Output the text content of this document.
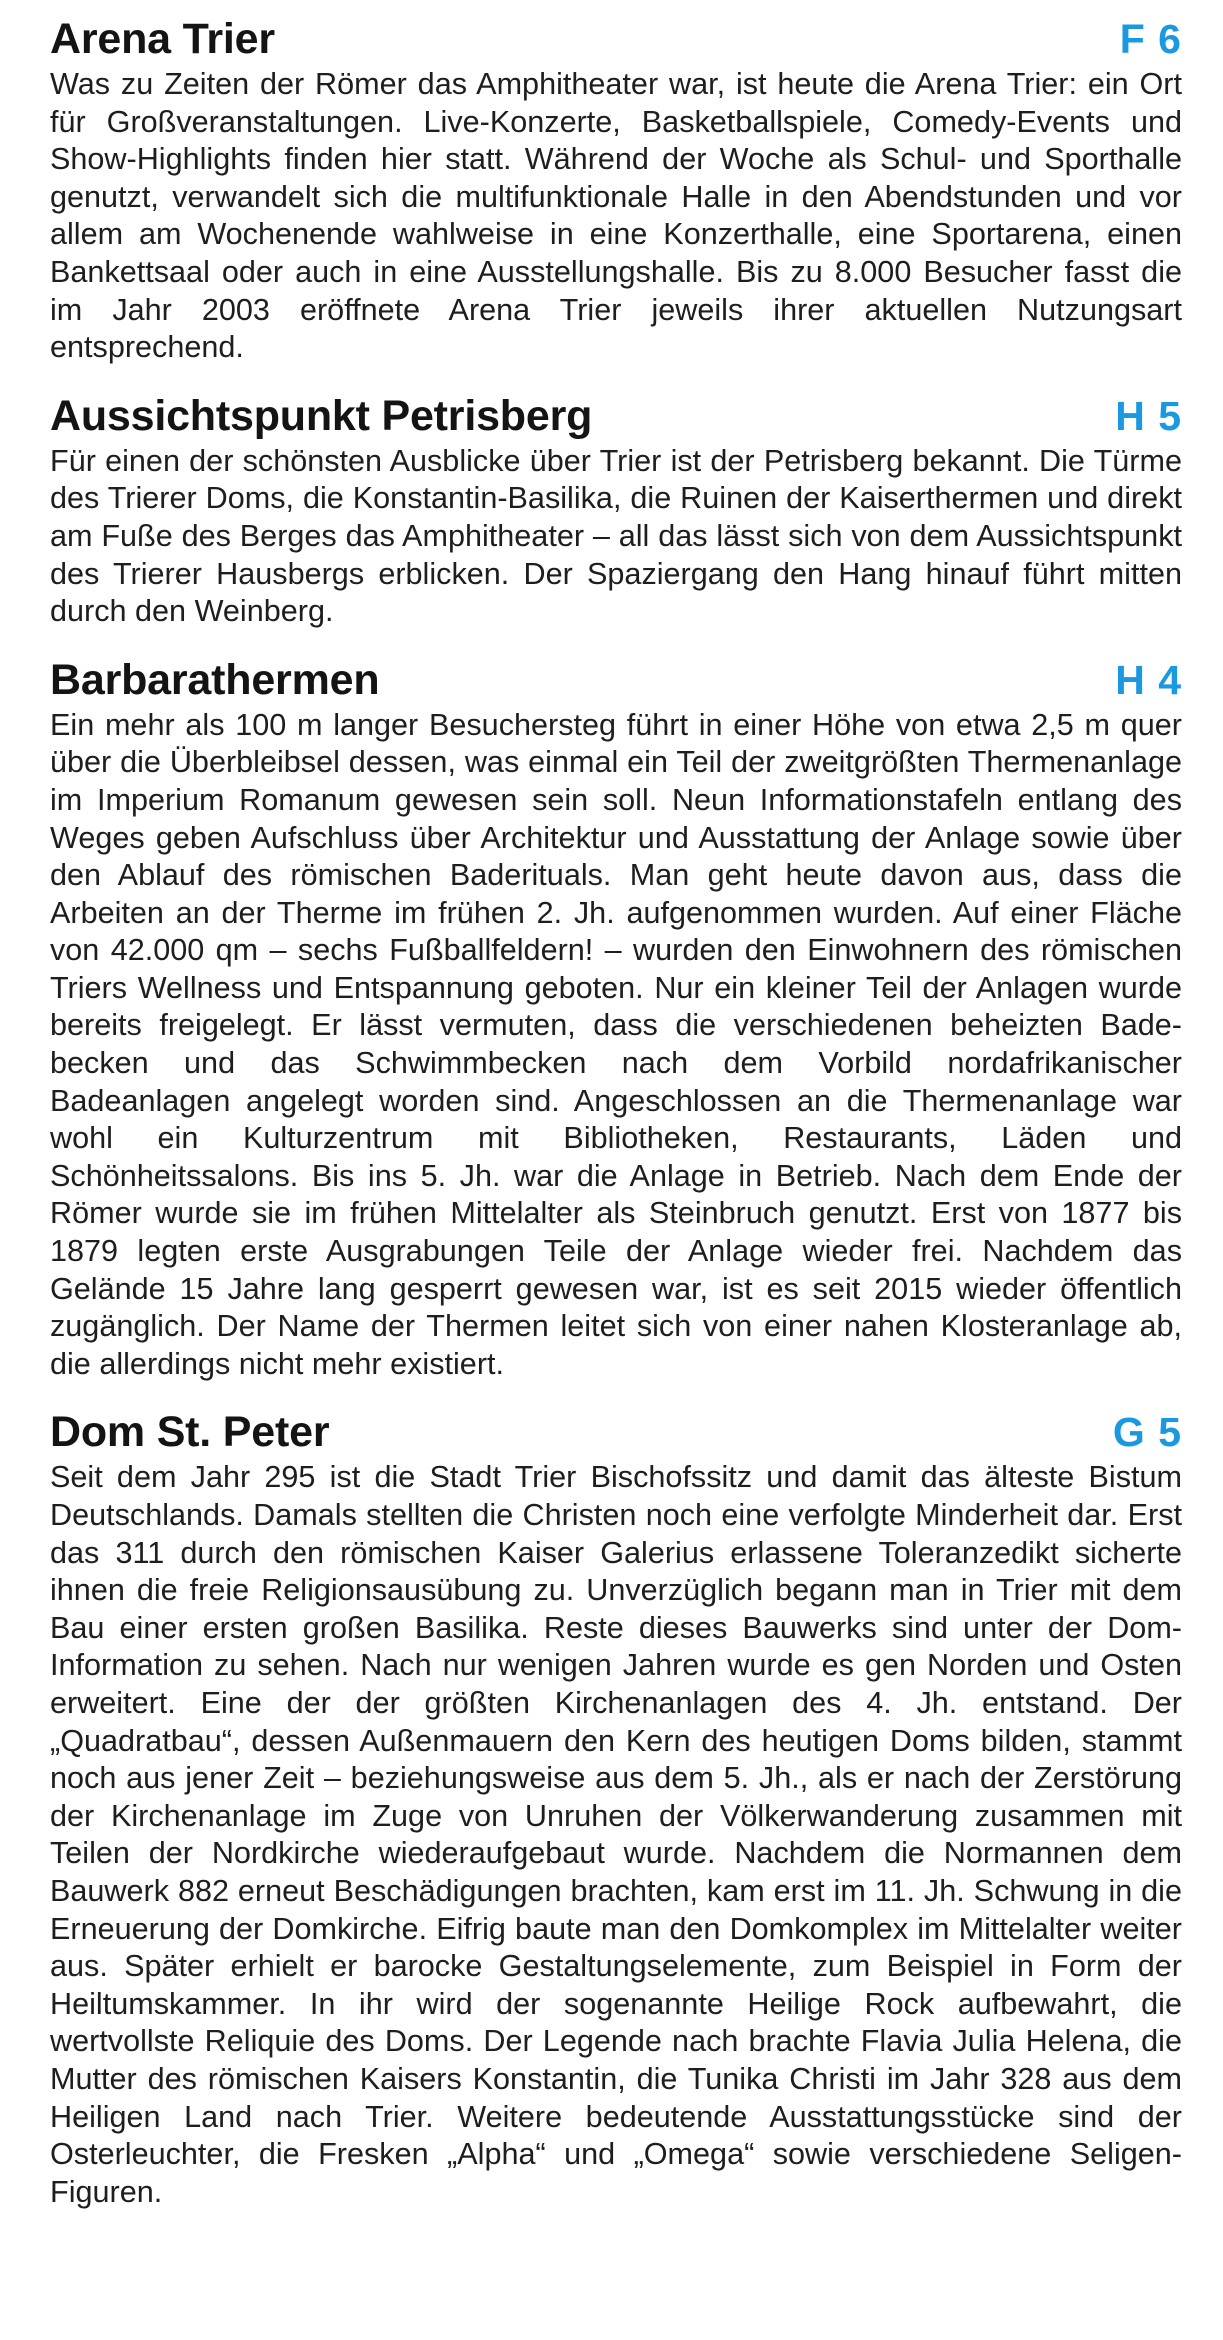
Arena Trier	F 6

Was zu Zeiten der Römer das Amphitheater war, ist heute die Arena Trier: ein Ort für Großveranstaltungen. Live-Konzerte, Basketballspiele, Comedy-Events und Show-Highlights finden hier statt. Während der Woche als Schul- und Sporthalle genutzt, verwandelt sich die multifunktionale Halle in den Abendstunden und vor allem am Wochenende wahlweise in eine Konzerthalle, eine Sportarena, einen Bankettsaal oder auch in eine Ausstellungshalle. Bis zu 8.000 Besucher fasst die im Jahr 2003 eröffnete Arena Trier jeweils ihrer aktuellen Nutzungsart entsprechend.

Aussichtspunkt Petrisberg	H 5

Für einen der schönsten Ausblicke über Trier ist der Petrisberg bekannt. Die Türme des Trierer Doms, die Konstantin-Basilika, die Ruinen der Kaiserthermen und direkt am Fuße des Berges das Amphitheater – all das lässt sich von dem Aussichtspunkt des Trierer Hausbergs erblicken. Der Spaziergang den Hang hinauf führt mitten durch den Weinberg.

Barbarathermen	H 4

Ein mehr als 100 m langer Besuchersteg führt in einer Höhe von etwa 2,5 m quer über die Überbleibsel dessen, was einmal ein Teil der zweitgrößten Thermenanlage im Imperium Romanum gewesen sein soll. Neun Informationstafeln entlang des Weges geben Aufschluss über Architektur und Ausstattung der Anlage sowie über den Ablauf des römischen Baderituals. Man geht heute davon aus, dass die Arbeiten an der Therme im frühen 2. Jh. aufgenommen wurden. Auf einer Fläche von 42.000 qm – sechs Fußballfeldern! – wurden den Einwohnern des römischen Triers Wellness und Entspannung geboten. Nur ein kleiner Teil der Anlagen wurde bereits freigelegt. Er lässt vermuten, dass die verschiedenen beheizten Badebecken und das Schwimmbecken nach dem Vorbild nordafrikanischer Badeanlagen angelegt worden sind. Angeschlossen an die Thermenanlage war wohl ein Kulturzentrum mit Bibliotheken, Restaurants, Läden und Schönheitssalons. Bis ins 5. Jh. war die Anlage in Betrieb. Nach dem Ende der Römer wurde sie im frühen Mittelalter als Steinbruch genutzt. Erst von 1877 bis 1879 legten erste Ausgrabungen Teile der Anlage wieder frei. Nachdem das Gelände 15 Jahre lang gesperrt gewesen war, ist es seit 2015 wieder öffentlich zugänglich. Der Name der Thermen leitet sich von einer nahen Klosteranlage ab, die allerdings nicht mehr existiert.

Dom St. Peter	G 5

Seit dem Jahr 295 ist die Stadt Trier Bischofssitz und damit das älteste Bistum Deutschlands. Damals stellten die Christen noch eine verfolgte Minderheit dar. Erst das 311 durch den römischen Kaiser Galerius erlassene Toleranzedikt sicherte ihnen die freie Religionsausübung zu. Unverzüglich begann man in Trier mit dem Bau einer ersten großen Basilika. Reste dieses Bauwerks sind unter der Dom-Information zu sehen. Nach nur wenigen Jahren wurde es gen Norden und Osten erweitert. Eine der der größten Kirchenanlagen des 4. Jh. entstand. Der „Quadratbau“, dessen Außenmauern den Kern des heutigen Doms bilden, stammt noch aus jener Zeit – beziehungsweise aus dem 5. Jh., als er nach der Zerstörung der Kirchenanlage im Zuge von Unruhen der Völkerwanderung zusammen mit Teilen der Nordkirche wiederaufgebaut wurde. Nachdem die Normannen dem Bauwerk 882 erneut Beschädigungen brachten, kam erst im 11. Jh. Schwung in die Erneuerung der Domkirche. Eifrig baute man den Domkomplex im Mittelalter weiter aus. Später erhielt er barocke Gestaltungselemente, zum Beispiel in Form der Heiltumskammer. In ihr wird der sogenannte Heilige Rock aufbewahrt, die wertvollste Reliquie des Doms. Der Legende nach brachte Flavia Julia Helena, die Mutter des römischen Kaisers Konstantin, die Tunika Christi im Jahr 328 aus dem Heiligen Land nach Trier. Weitere bedeutende Ausstattungsstücke sind der Osterleuchter, die Fresken „Alpha“ und „Omega“ sowie verschiedene Seligen-Figuren.
